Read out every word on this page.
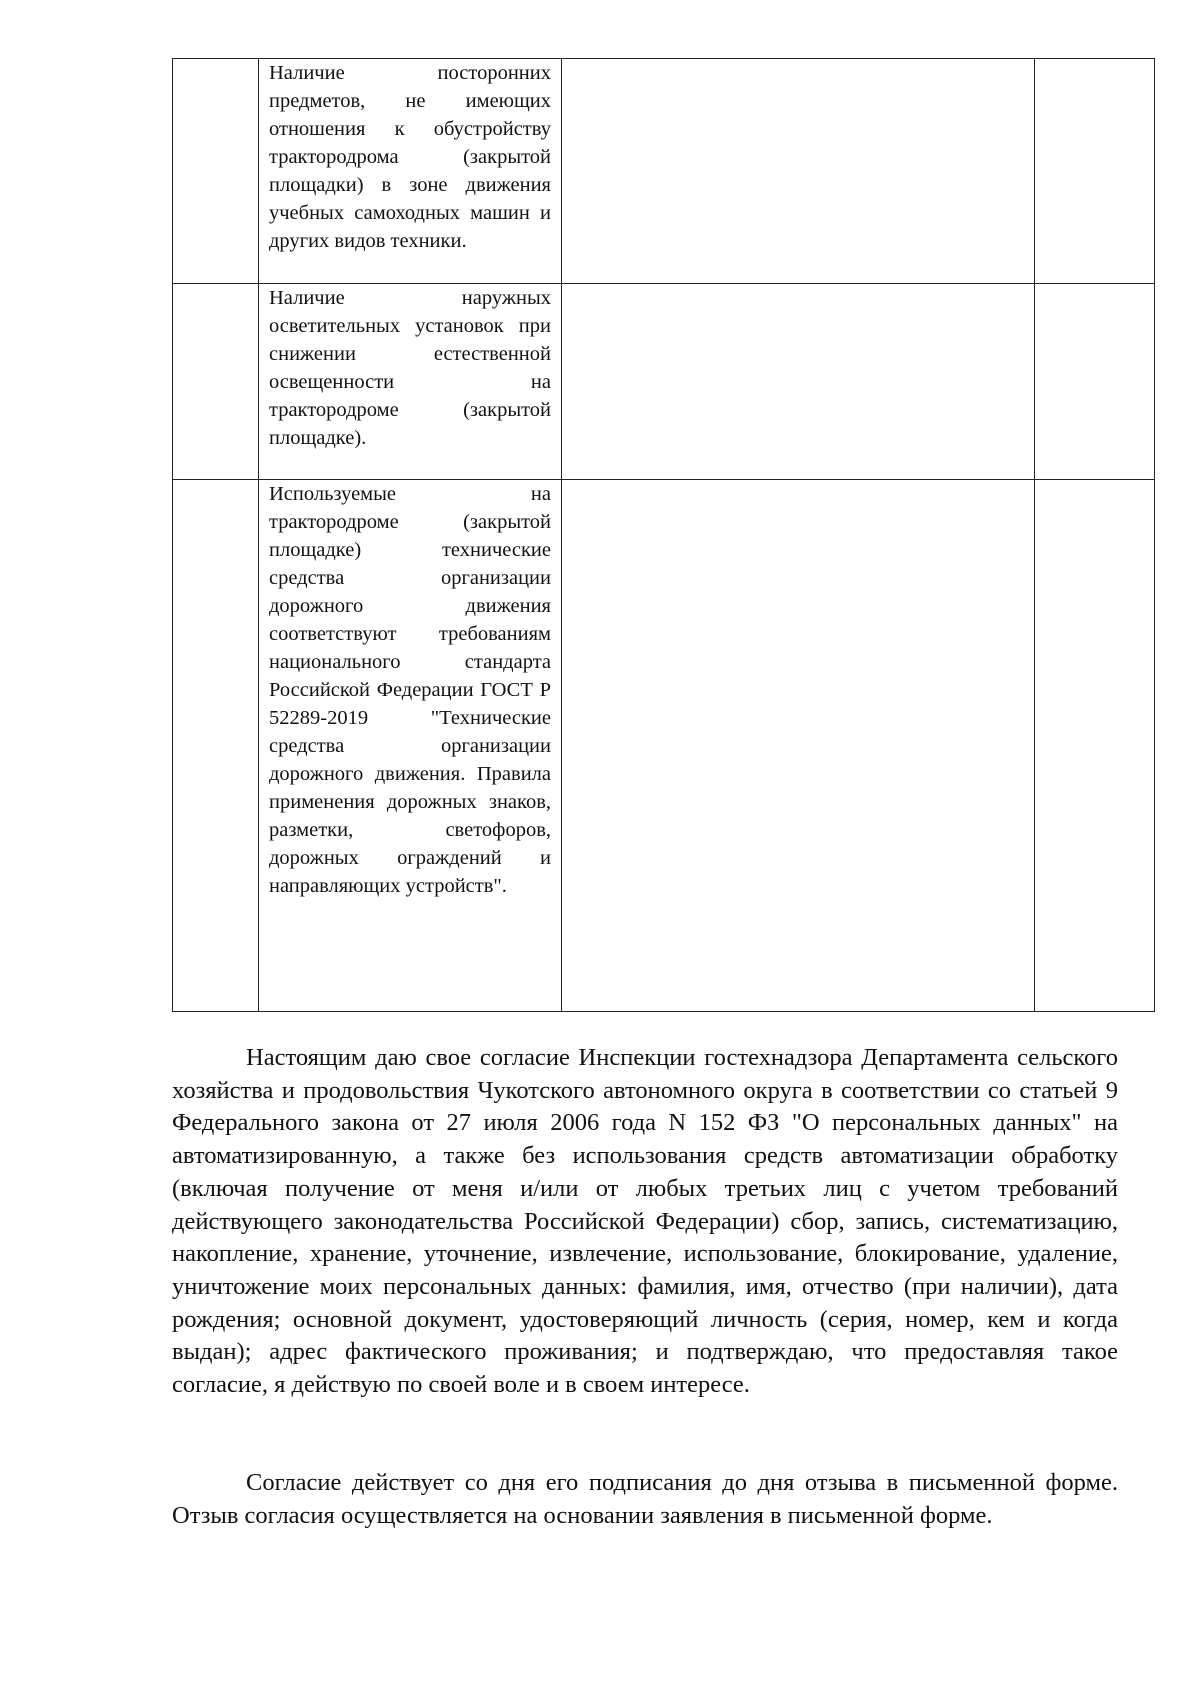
	Наличие посторонних предметов, не имеющих отношения к обустройству трактородрома (закрытой площадки) в зоне движения учебных самоходных машин и других видов техники.		

	Наличие наружных осветительных установок при снижении естественной освещенности на трактородроме (закрытой площадке).		

	Используемые на трактородроме (закрытой площадке) технические средства организации дорожного движения соответствуют требованиям национального стандарта Российской Федерации ГОСТ Р 52289-2019 "Технические средства организации дорожного движения. Правила применения дорожных знаков, разметки, светофоров, дорожных ограждений и направляющих устройств".		

Настоящим даю свое согласие Инспекции гостехнадзора Департамента сельского хозяйства и продовольствия Чукотского автономного округа в соответствии со статьей 9 Федерального закона от 27 июля 2006 года N 152 ФЗ "О персональных данных" на автоматизированную, а также без использования средств автоматизации обработку (включая получение от меня и/или от любых третьих лиц с учетом требований действующего законодательства Российской Федерации) сбор, запись, систематизацию, накопление, хранение, уточнение, извлечение, использование, блокирование, удаление, уничтожение моих персональных данных: фамилия, имя, отчество (при наличии), дата рождения; основной документ, удостоверяющий личность (серия, номер, кем и когда выдан); адрес фактического проживания; и подтверждаю, что предоставляя такое согласие, я действую по своей воле и в своем интересе.

Согласие действует со дня его подписания до дня отзыва в письменной форме. Отзыв согласия осуществляется на основании заявления в письменной форме.
